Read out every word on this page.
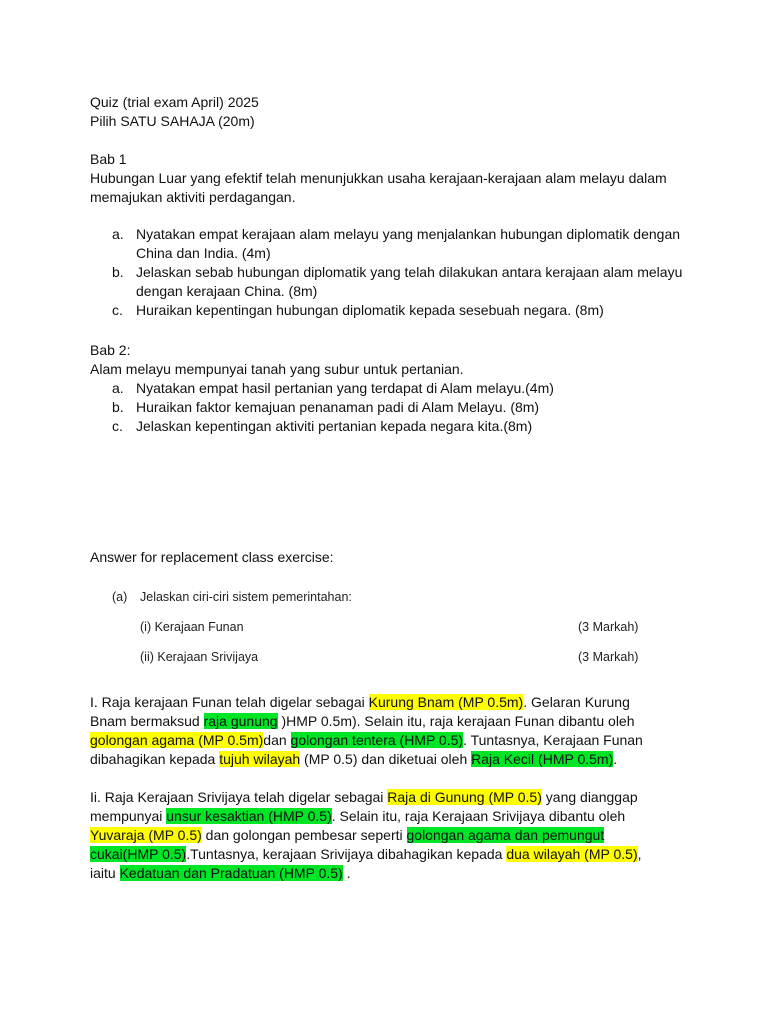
Quiz (trial exam April) 2025

Pilih SATU SAHAJA (20m)

Bab 1

Hubungan Luar yang efektif telah menunjukkan usaha kerajaan-kerajaan alam melayu dalam

memajukan aktiviti perdagangan.

a. Nyatakan empat kerajaan alam melayu yang menjalankan hubungan diplomatik dengan
China dan India. (4m)
b. Jelaskan sebab hubungan diplomatik yang telah dilakukan antara kerajaan alam melayu
dengan kerajaan China. (8m)
c. Huraikan kepentingan hubungan diplomatik kepada sesebuah negara. (8m)

Bab 2:

Alam melayu mempunyai tanah yang subur untuk pertanian.

a. Nyatakan empat hasil pertanian yang terdapat di Alam melayu.(4m)
b. Huraikan faktor kemajuan penanaman padi di Alam Melayu. (8m)
c. Jelaskan kepentingan aktiviti pertanian kepada negara kita.(8m)

Answer for replacement class exercise:

(a) Jelaskan ciri-ciri sistem pemerintahan:
(i) Kerajaan Funan	(3 Markah)
(ii) Kerajaan Srivijaya	(3 Markah)

I. Raja kerajaan Funan telah digelar sebagai Kurung Bnam (MP 0.5m). Gelaran Kurung Bnam bermaksud raja gunung )HMP 0.5m). Selain itu, raja kerajaan Funan dibantu oleh golongan agama (MP 0.5m)dan golongan tentera (HMP 0.5). Tuntasnya, Kerajaan Funan dibahagikan kepada tujuh wilayah (MP 0.5) dan diketuai oleh Raja Kecil (HMP 0.5m).

Ii. Raja Kerajaan Srivijaya telah digelar sebagai Raja di Gunung (MP 0.5) yang dianggap mempunyai unsur kesaktian (HMP 0.5). Selain itu, raja Kerajaan Srivijaya dibantu oleh Yuvaraja (MP 0.5) dan golongan pembesar seperti golongan agama dan pemungut cukai(HMP 0.5).Tuntasnya, kerajaan Srivijaya dibahagikan kepada dua wilayah (MP 0.5), iaitu Kedatuan dan Pradatuan (HMP 0.5) .
